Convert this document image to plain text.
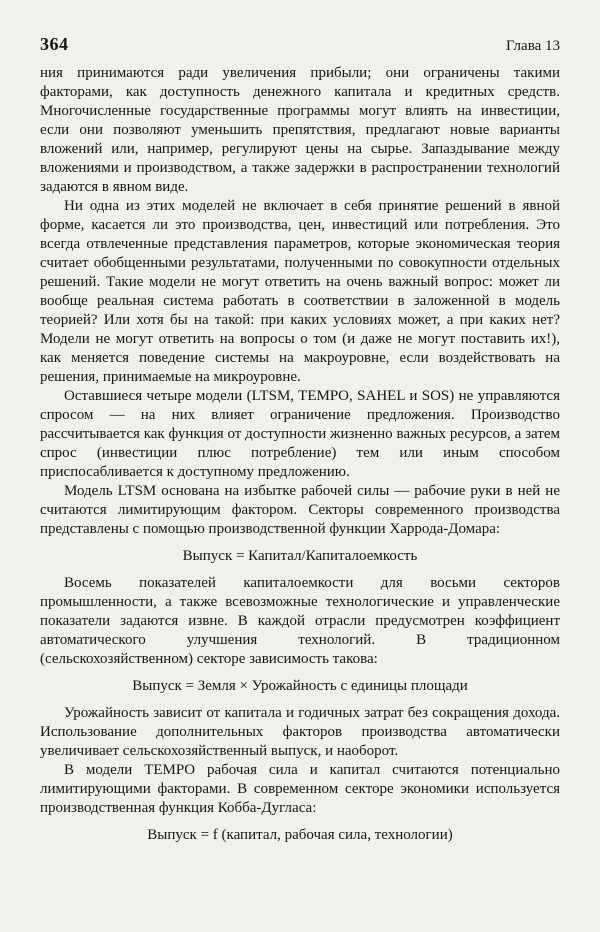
364	Глава 13

ния принимаются ради увеличения прибыли; они ограничены такими факторами, как доступность денежного капитала и кредитных средств. Многочисленные государственные программы могут влиять на инвестиции, если они позволяют уменьшить препятствия, предлагают новые варианты вложений или, например, регулируют цены на сырье. Запаздывание между вложениями и производством, а также задержки в распространении технологий задаются в явном виде.

Ни одна из этих моделей не включает в себя принятие решений в явной форме, касается ли это производства, цен, инвестиций или потребления. Это всегда отвлеченные представления параметров, которые экономическая теория считает обобщенными результатами, полученными по совокупности отдельных решений. Такие модели не могут ответить на очень важный вопрос: может ли вообще реальная система работать в соответствии в заложенной в модель теорией? Или хотя бы на такой: при каких условиях может, а при каких нет? Модели не могут ответить на вопросы о том (и даже не могут поставить их!), как меняется поведение системы на макроуровне, если воздействовать на решения, принимаемые на микроуровне.

Оставшиеся четыре модели (LTSM, TEMPO, SAHEL и SOS) не управляются спросом — на них влияет ограничение предложения. Производство рассчитывается как функция от доступности жизненно важных ресурсов, а затем спрос (инвестиции плюс потребление) тем или иным способом приспосабливается к доступному предложению.

Модель LTSM основана на избытке рабочей силы — рабочие руки в ней не считаются лимитирующим фактором. Секторы современного производства представлены с помощью производственной функции Харрода-Домара:

Выпуск = Капитал/Капиталоемкость

Восемь показателей капиталоемкости для восьми секторов промышленности, а также всевозможные технологические и управленческие показатели задаются извне. В каждой отрасли предусмотрен коэффициент автоматического улучшения технологий. В традиционном (сельскохозяйственном) секторе зависимость такова:

Выпуск = Земля × Урожайность с единицы площади

Урожайность зависит от капитала и годичных затрат без сокращения дохода. Использование дополнительных факторов производства автоматически увеличивает сельскохозяйственный выпуск, и наоборот.

В модели TEMPO рабочая сила и капитал считаются потенциально лимитирующими факторами. В современном секторе экономики используется производственная функция Кобба-Дугласа:

Выпуск = f (капитал, рабочая сила, технологии)
